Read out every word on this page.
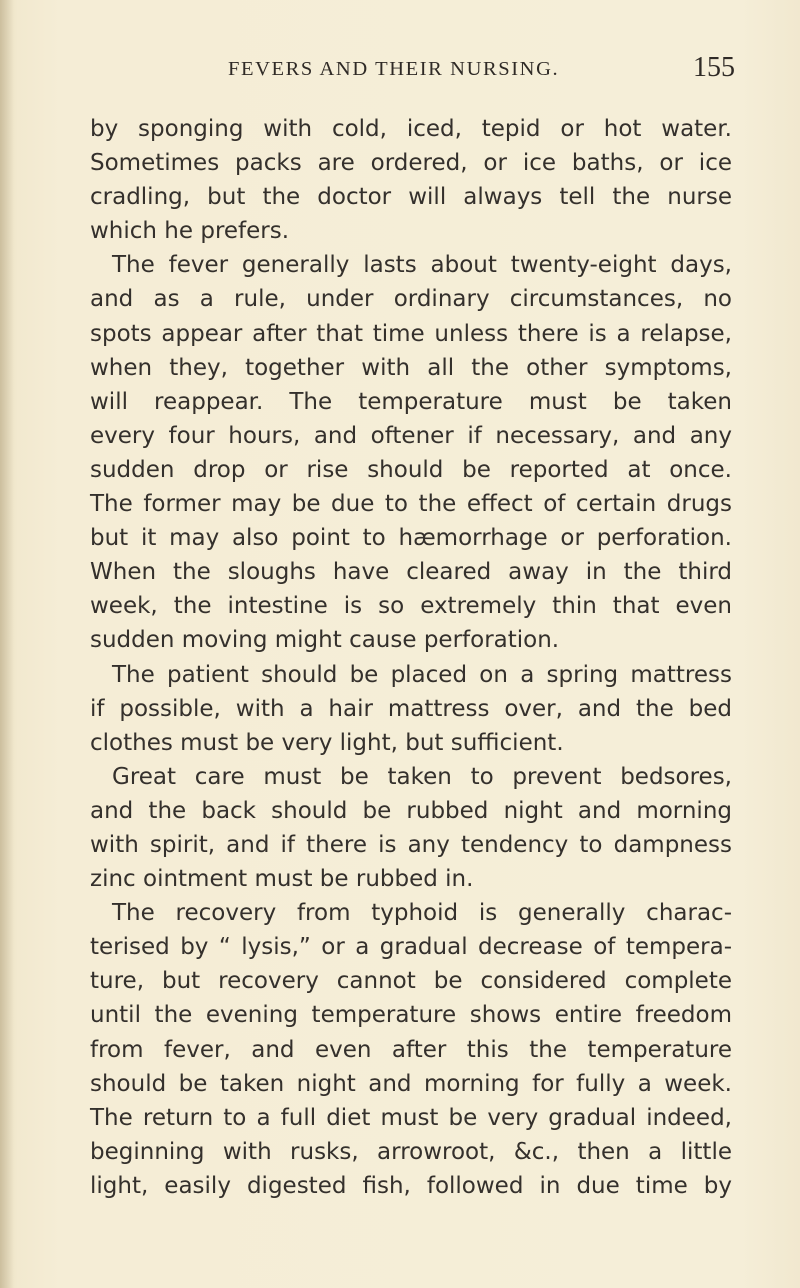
FEVERS AND THEIR NURSING.	155
by sponging with cold, iced, tepid or hot water.
Sometimes packs are ordered, or ice baths, or ice
cradling, but the doctor will always tell the nurse
which he prefers.
The fever generally lasts about twenty-eight days,
and as a rule, under ordinary circumstances, no
spots appear after that time unless there is a relapse,
when they, together with all the other symptoms,
will reappear. The temperature must be taken
every four hours, and oftener if necessary, and any
sudden drop or rise should be reported at once.
The former may be due to the effect of certain drugs
but it may also point to hæmorrhage or perforation.
When the sloughs have cleared away in the third
week, the intestine is so extremely thin that even
sudden moving might cause perforation.
The patient should be placed on a spring mattress
if possible, with a hair mattress over, and the bed
clothes must be very light, but sufficient.
Great care must be taken to prevent bedsores,
and the back should be rubbed night and morning
with spirit, and if there is any tendency to dampness
zinc ointment must be rubbed in.
The recovery from typhoid is generally charac-
terised by “ lysis,” or a gradual decrease of tempera-
ture, but recovery cannot be considered complete
until the evening temperature shows entire freedom
from fever, and even after this the temperature
should be taken night and morning for fully a week.
The return to a full diet must be very gradual indeed,
beginning with rusks, arrowroot, &c., then a little
light, easily digested fish, followed in due time by
